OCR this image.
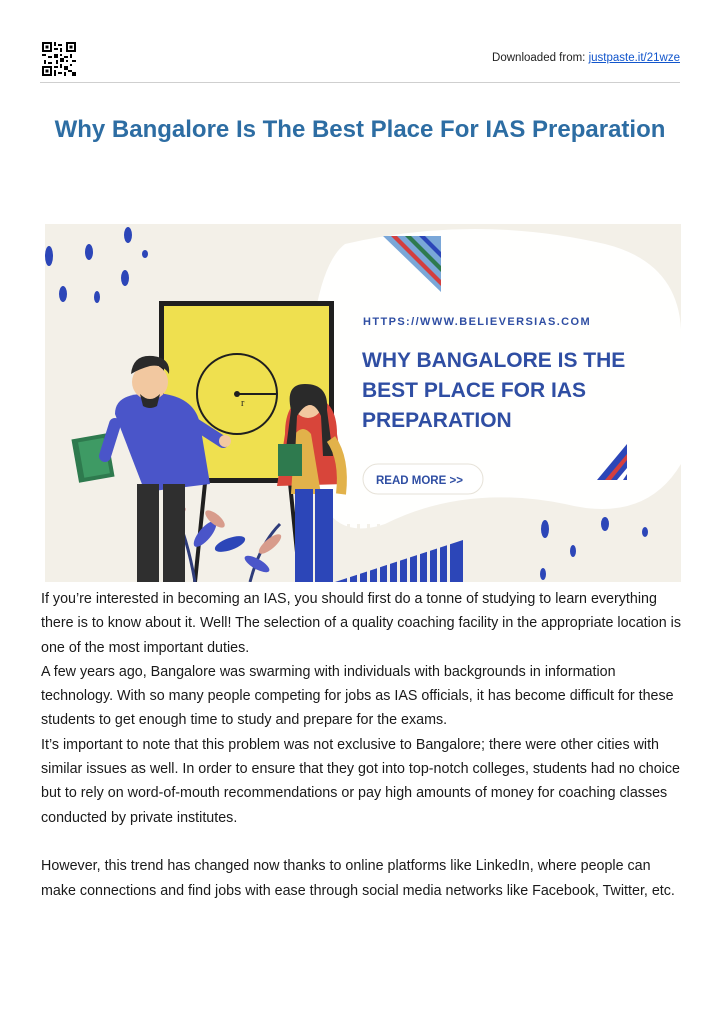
Downloaded from: justpaste.it/21wze
Why Bangalore Is The Best Place For IAS Preparation
r
HTTPS://WWW.BELIEVERSIAS.COM
WHY BANGALORE IS THE
BEST PLACE FOR IAS
PREPARATION
READ MORE >>

If you’re interested in becoming an IAS, you should first do a tonne of studying to learn everything there is to know about it. Well! The selection of a quality coaching facility in the appropriate location is one of the most important duties.

A few years ago, Bangalore was swarming with individuals with backgrounds in information technology. With so many people competing for jobs as IAS officials, it has become difficult for these students to get enough time to study and prepare for the exams.

It’s important to note that this problem was not exclusive to Bangalore; there were other cities with similar issues as well. In order to ensure that they got into top-notch colleges, students had no choice but to rely on word-of-mouth recommendations or pay high amounts of money for coaching classes conducted by private institutes.

However, this trend has changed now thanks to online platforms like LinkedIn, where people can make connections and find jobs with ease through social media networks like Facebook, Twitter, etc.
